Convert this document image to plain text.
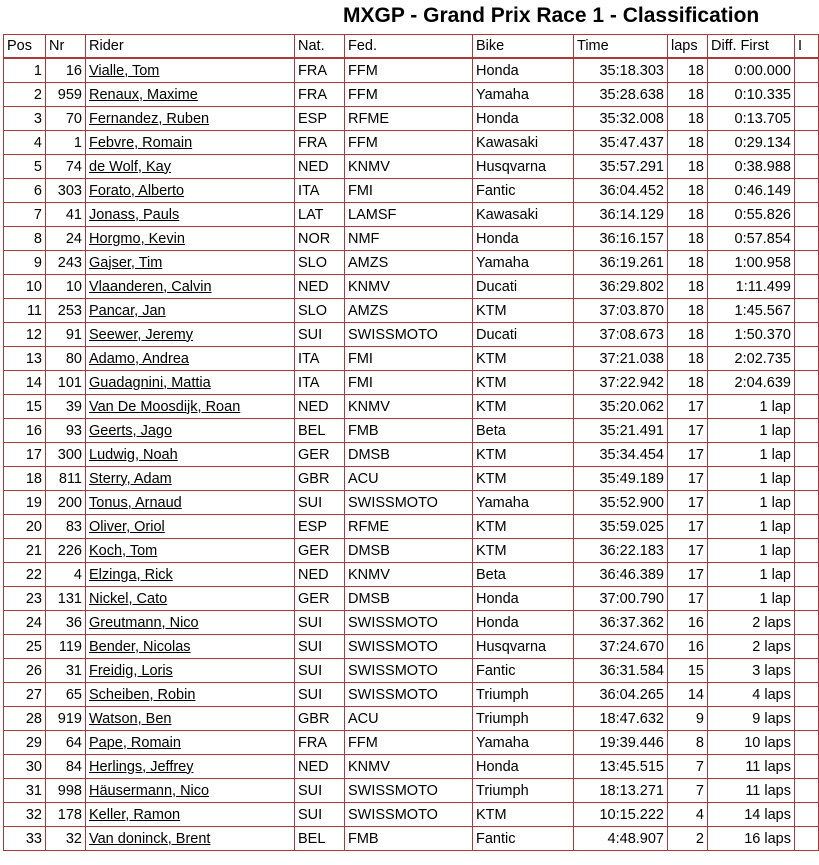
MXGP - Grand Prix Race 1 - Classification
Pos	Nr	Rider	Nat.	Fed.	Bike	Time	laps	Diff. First	I
1	16	Vialle, Tom	FRA	FFM	Honda	35:18.303	18	0:00.000	
2	959	Renaux, Maxime	FRA	FFM	Yamaha	35:28.638	18	0:10.335	
3	70	Fernandez, Ruben	ESP	RFME	Honda	35:32.008	18	0:13.705	
4	1	Febvre, Romain	FRA	FFM	Kawasaki	35:47.437	18	0:29.134	
5	74	de Wolf, Kay	NED	KNMV	Husqvarna	35:57.291	18	0:38.988	
6	303	Forato, Alberto	ITA	FMI	Fantic	36:04.452	18	0:46.149	
7	41	Jonass, Pauls	LAT	LAMSF	Kawasaki	36:14.129	18	0:55.826	
8	24	Horgmo, Kevin	NOR	NMF	Honda	36:16.157	18	0:57.854	
9	243	Gajser, Tim	SLO	AMZS	Yamaha	36:19.261	18	1:00.958	
10	10	Vlaanderen, Calvin	NED	KNMV	Ducati	36:29.802	18	1:11.499	
11	253	Pancar, Jan	SLO	AMZS	KTM	37:03.870	18	1:45.567	
12	91	Seewer, Jeremy	SUI	SWISSMOTO	Ducati	37:08.673	18	1:50.370	
13	80	Adamo, Andrea	ITA	FMI	KTM	37:21.038	18	2:02.735	
14	101	Guadagnini, Mattia	ITA	FMI	KTM	37:22.942	18	2:04.639	
15	39	Van De Moosdijk, Roan	NED	KNMV	KTM	35:20.062	17	1 lap	
16	93	Geerts, Jago	BEL	FMB	Beta	35:21.491	17	1 lap	
17	300	Ludwig, Noah	GER	DMSB	KTM	35:34.454	17	1 lap	
18	811	Sterry, Adam	GBR	ACU	KTM	35:49.189	17	1 lap	
19	200	Tonus, Arnaud	SUI	SWISSMOTO	Yamaha	35:52.900	17	1 lap	
20	83	Oliver, Oriol	ESP	RFME	KTM	35:59.025	17	1 lap	
21	226	Koch, Tom	GER	DMSB	KTM	36:22.183	17	1 lap	
22	4	Elzinga, Rick	NED	KNMV	Beta	36:46.389	17	1 lap	
23	131	Nickel, Cato	GER	DMSB	Honda	37:00.790	17	1 lap	
24	36	Greutmann, Nico	SUI	SWISSMOTO	Honda	36:37.362	16	2 laps	
25	119	Bender, Nicolas	SUI	SWISSMOTO	Husqvarna	37:24.670	16	2 laps	
26	31	Freidig, Loris	SUI	SWISSMOTO	Fantic	36:31.584	15	3 laps	
27	65	Scheiben, Robin	SUI	SWISSMOTO	Triumph	36:04.265	14	4 laps	
28	919	Watson, Ben	GBR	ACU	Triumph	18:47.632	9	9 laps	
29	64	Pape, Romain	FRA	FFM	Yamaha	19:39.446	8	10 laps	
30	84	Herlings, Jeffrey	NED	KNMV	Honda	13:45.515	7	11 laps	
31	998	Häusermann, Nico	SUI	SWISSMOTO	Triumph	18:13.271	7	11 laps	
32	178	Keller, Ramon	SUI	SWISSMOTO	KTM	10:15.222	4	14 laps	
33	32	Van doninck, Brent	BEL	FMB	Fantic	4:48.907	2	16 laps	
